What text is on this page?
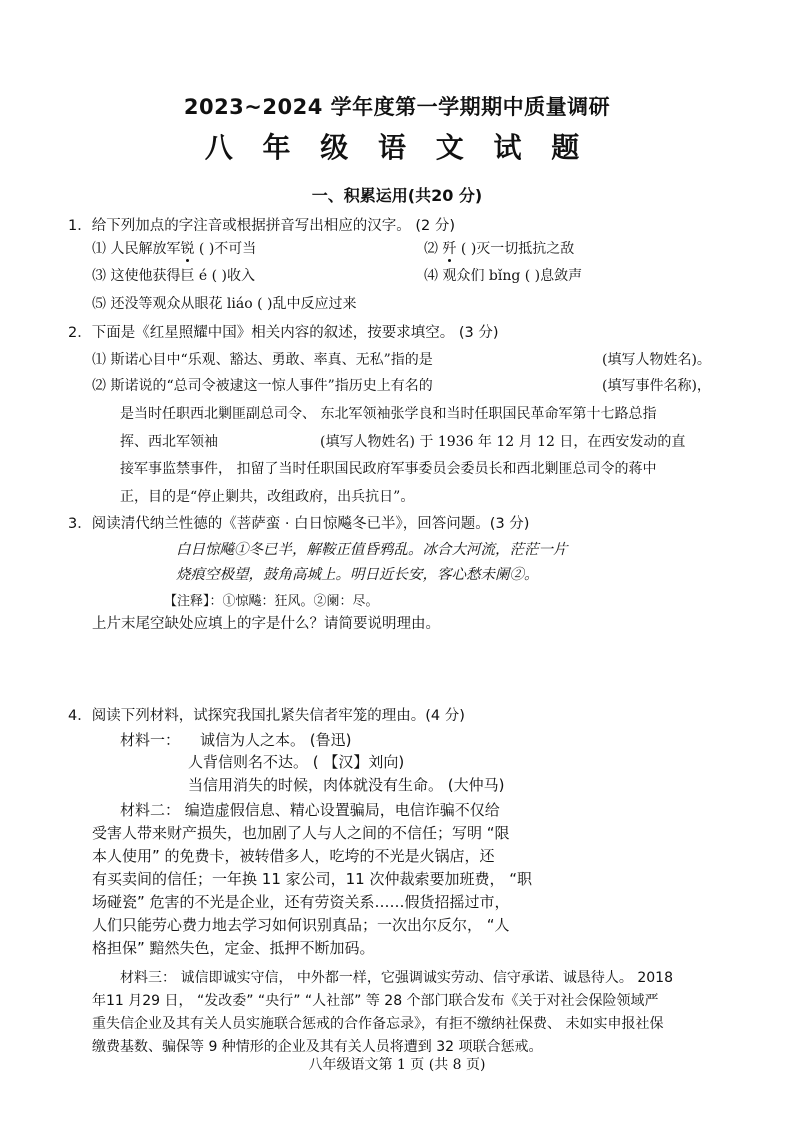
2023~2024 学年度第一学期期中质量调研
八 年 级 语 文 试 题
一、积累运用(共20 分)
1．给下列加点的字注音或根据拼音写出相应的汉字。 (2 分)
⑴ 人民解放军锐 ( )不可当	⑵ 歼 ( )灭一切抵抗之敌
⑶ 这使他获得巨 é ( )收入	⑷ 观众们 bǐng ( )息敛声
⑸ 还没等观众从眼花 liáo ( )乱中反应过来
2．下面是《红星照耀中国》相关内容的叙述，按要求填空。 (3 分)
⑴ 斯诺心目中“乐观、豁达、勇敢、率真、无私”指的是	(填写人物姓名)。
⑵ 斯诺说的“总司令被逮这一惊人事件”指历史上有名的	(填写事件名称)，
是当时任职西北剿匪副总司令、 东北军领袖张学良和当时任职国民革命军第十七路总指
挥、西北军领袖	(填写人物姓名) 于 1936 年 12 月 12 日，在西安发动的直
接军事监禁事件， 扣留了当时任职国民政府军事委员会委员长和西北剿匪总司令的蒋中
正，目的是“停止剿共，改组政府，出兵抗日”。
3．阅读清代纳兰性德的《菩萨蛮 · 白日惊飚冬已半》，回答问题。(3 分)
白日惊飚①冬已半，解鞍正值昏鸦乱。冰合大河流，茫茫一片
烧痕空极望，鼓角高城上。明日近长安，客心愁未阑②。
【注释】：①惊飚：狂风。②阑：尽。
上片末尾空缺处应填上的字是什么？请简要说明理由。
4．阅读下列材料，试探究我国扎紧失信者牢笼的理由。(4 分)
材料一： 诚信为人之本。 (鲁迅)
人背信则名不达。 ( 【汉】刘向)
当信用消失的时候，肉体就没有生命。 (大仲马)
材料二： 编造虚假信息、精心设置骗局，电信诈骗不仅给
受害人带来财产损失，也加剧了人与人之间的不信任；写明 “限
本人使用” 的免费卡，被转借多人，吃垮的不光是火锅店，还
有买卖间的信任；一年换 11 家公司，11 次仲裁索要加班费， “职
场碰瓷” 危害的不光是企业，还有劳资关系……假货招摇过市，
人们只能劳心费力地去学习如何识别真品；一次出尔反尔， “人
格担保” 黯然失色，定金、抵押不断加码。
材料三： 诚信即诚实守信， 中外都一样，它强调诚实劳动、信守承诺、诚恳待人。 2018
年11 月29 日， “发改委” “央行” “人社部” 等 28 个部门联合发布《关于对社会保险领域严
重失信企业及其有关人员实施联合惩戒的合作备忘录》，有拒不缴纳社保费、 未如实申报社保
缴费基数、骗保等 9 种情形的企业及其有关人员将遭到 32 项联合惩戒。
八年级语文第 1 页 (共 8 页)
